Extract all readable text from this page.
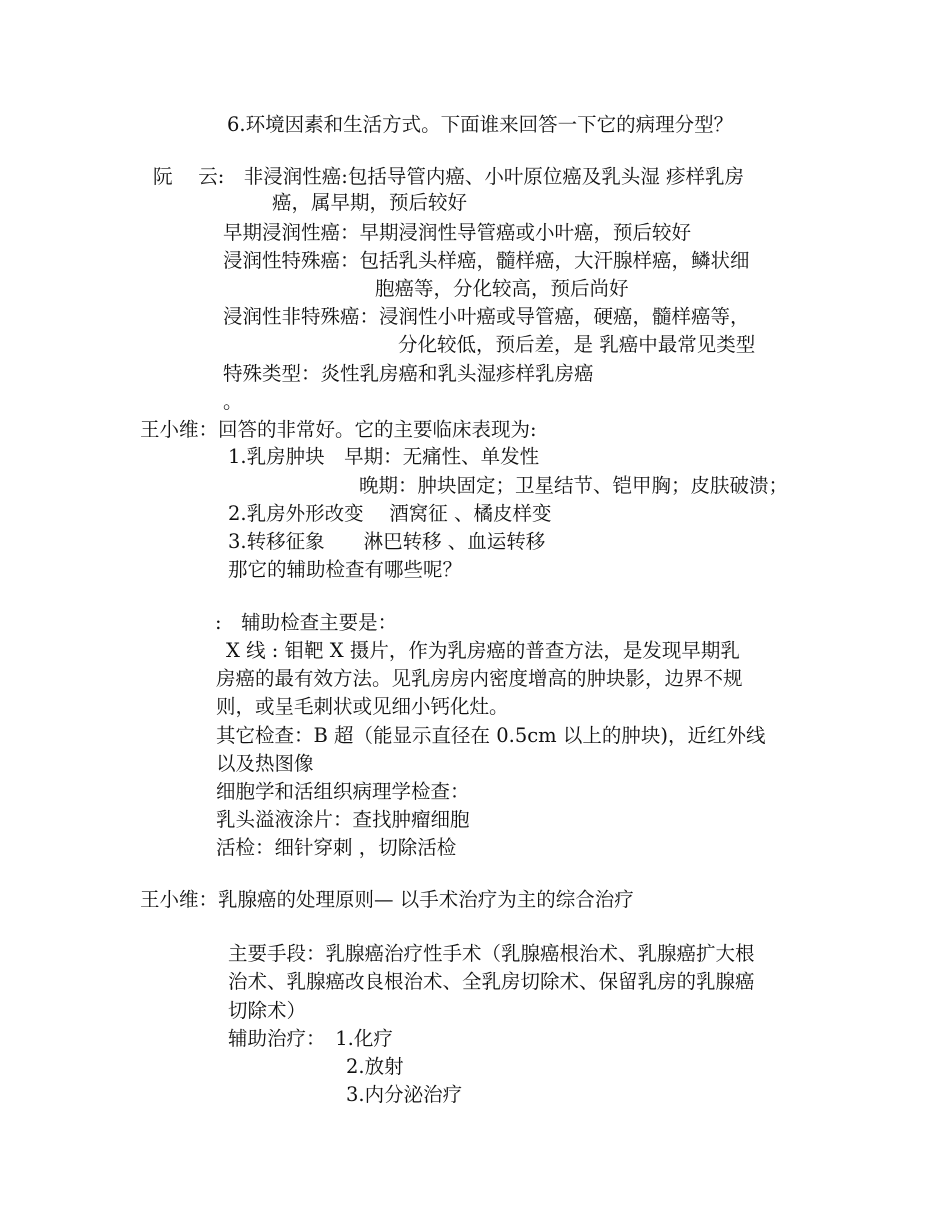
6.环境因素和生活方式。下面谁来回答一下它的病理分型？
阮　 云:　非浸润性癌:包括导管内癌、小叶原位癌及乳头湿 疹样乳房
癌，属早期，预后较好
早期浸润性癌：早期浸润性导管癌或小叶癌，预后较好
浸润性特殊癌：包括乳头样癌，髓样癌，大汗腺样癌，鳞状细
胞癌等，分化较高，预后尚好
浸润性非特殊癌：浸润性小叶癌或导管癌，硬癌，髓样癌等，
分化较低，预后差，是 乳癌中最常见类型
特殊类型：炎性乳房癌和乳头湿疹样乳房癌
。
王小维：回答的非常好。它的主要临床表现为:
1.乳房肿块　早期：无痛性、单发性
晚期：肿块固定；卫星结节、铠甲胸；皮肤破溃；
2.乳房外形改变　 酒窝征 、橘皮样变
3.转移征象　　淋巴转移 、血运转移
那它的辅助检查有哪些呢？
:　辅助检查主要是：
X 线 : 钼靶 X 摄片，作为乳房癌的普查方法，是发现早期乳
房癌的最有效方法。见乳房房内密度增高的肿块影，边界不规
则，或呈毛刺状或见细小钙化灶。
其它检查：B 超（能显示直径在 0.5cm 以上的肿块)，近红外线
以及热图像
细胞学和活组织病理学检查：
乳头溢液涂片：查找肿瘤细胞
活检：细针穿刺 ，切除活检
王小维：乳腺癌的处理原则— 以手术治疗为主的综合治疗
主要手段：乳腺癌治疗性手术（乳腺癌根治术、乳腺癌扩大根
治术、乳腺癌改良根治术、全乳房切除术、保留乳房的乳腺癌
切除术）
辅助治疗：　1.化疗
2.放射
3.内分泌治疗
